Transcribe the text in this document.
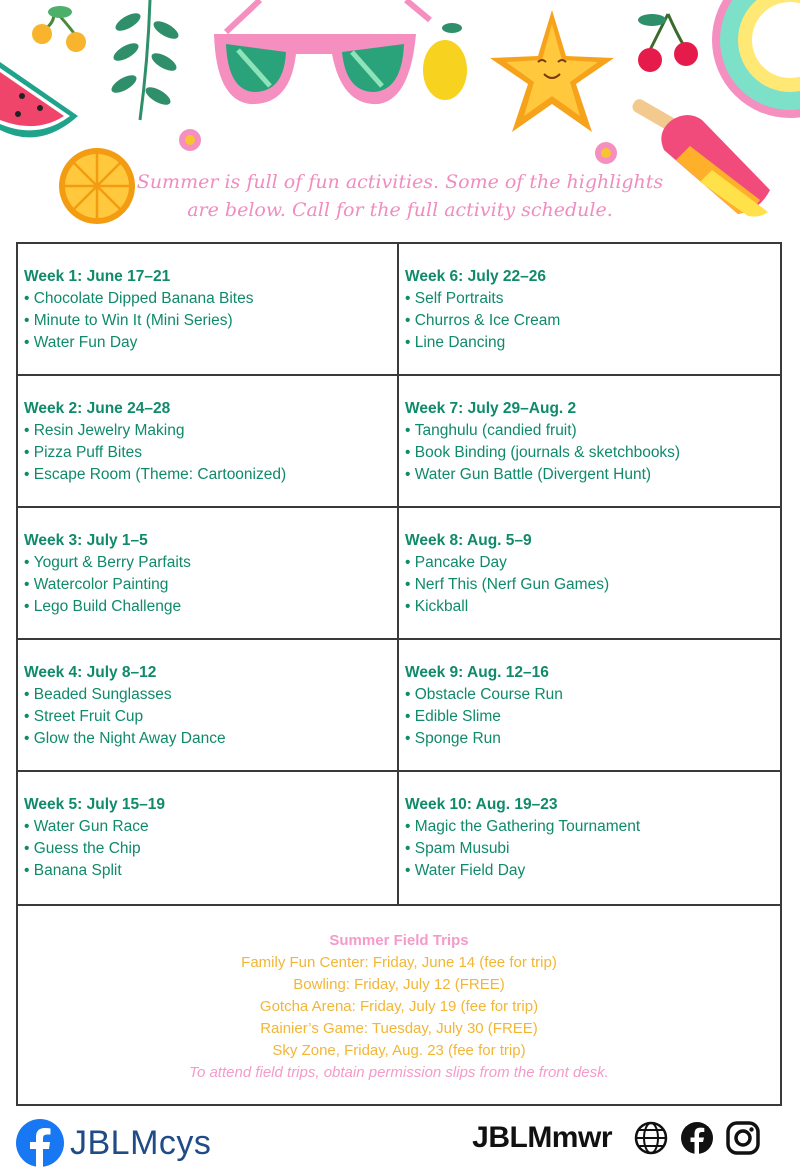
Summer is full of fun activities. Some of the highlights
are below. Call for the full activity schedule.
Week 1: June 17–21
• Chocolate Dipped Banana Bites
• Minute to Win It (Mini Series)
• Water Fun Day
Week 6: July 22–26
• Self Portraits
• Churros & Ice Cream
• Line Dancing
Week 2: June 24–28
• Resin Jewelry Making
• Pizza Puff Bites
• Escape Room (Theme: Cartoonized)
Week 7: July 29–Aug. 2
• Tanghulu (candied fruit)
• Book Binding (journals & sketchbooks)
• Water Gun Battle (Divergent Hunt)
Week 3: July 1–5
• Yogurt & Berry Parfaits
• Watercolor Painting
• Lego Build Challenge
Week 8: Aug. 5–9
• Pancake Day
• Nerf This (Nerf Gun Games)
• Kickball
Week 4: July 8–12
• Beaded Sunglasses
• Street Fruit Cup
• Glow the Night Away Dance
Week 9: Aug. 12–16
• Obstacle Course Run
• Edible Slime
• Sponge Run
Week 5: July 15–19
• Water Gun Race
• Guess the Chip
• Banana Split
Week 10: Aug. 19–23
• Magic the Gathering Tournament
• Spam Musubi
• Water Field Day
Summer Field Trips
Family Fun Center: Friday, June 14 (fee for trip)
Bowling: Friday, July 12 (FREE)
Gotcha Arena: Friday, July 19 (fee for trip)
Rainier’s Game: Tuesday, July 30 (FREE)
Sky Zone, Friday, Aug. 23 (fee for trip)
To attend field trips, obtain permission slips from the front desk.
JBLMcys	JBLMmwr
